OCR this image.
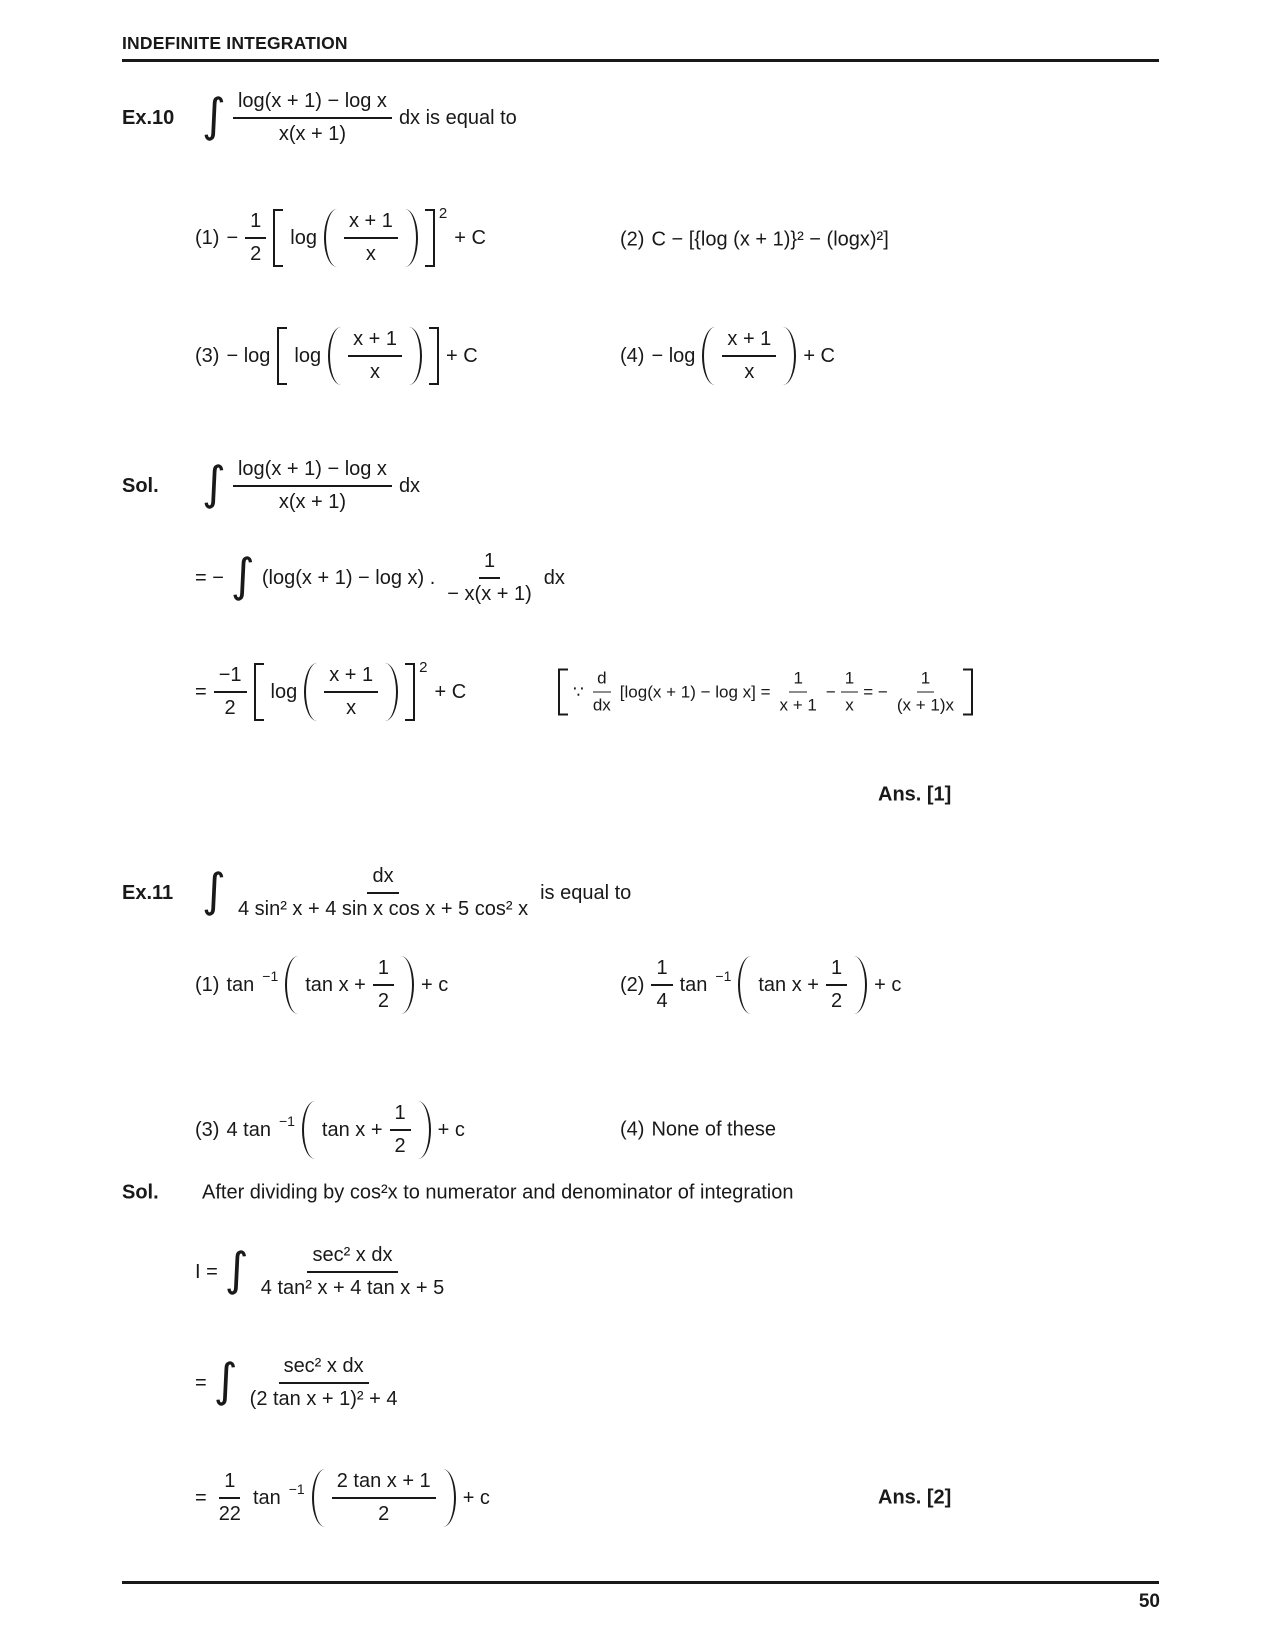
INDEFINITE INTEGRATION
Ex.10 ∫ $\frac{\text{log(x + 1) − log x}}{x(x + 1)}$ dx is equal to
$(1) - \frac{1}{2}$ $\log \frac{x + 1}{x}$	2
+ C	(2) C − [{log (x + 1)}² − (logx)²]
$(3) - \log \log \frac{x + 1}{x} + C$	$(4) - \log \frac{x + 1}{x} + C$
Sol. ∫ $\frac{\text{log(x + 1) − log x}}{x(x + 1)}$ dx
= − ∫ (log(x + 1) − log x) . $\frac{1}{- x(x + 1)}$ dx
= $\frac{-1}{2}$ $\log \frac{x + 1}{x}$	2
+ C	∵ $\frac{d}{dx} [\log(x + 1) - \log x] = \frac{1}{x + 1} - \frac{1}{x}$ = − $\frac{1}{(x + 1)x}$
Ans. [1]
Ex.11 ∫ $\frac{dx}{\text{4 sin² x + 4 sin x cos x + 5 cos² x}}$ is equal to
(1) tan −1 $\tan x + \frac{1}{2} + c$	$(2) \frac{1}{4}$ tan −1 $\tan x + \frac{1}{2} + c$
(3) 4 tan −1 $\tan x + \frac{1}{2} + c$	(4) None of these
Sol.	After dividing by cos²x to numerator and denominator of integration
I = ∫ $\frac{\text{sec² x dx}}{\text{4 tan² x + 4 tan x + 5}}$
= ∫ $\frac{\text{sec² x dx}}{\text{(2 tan x + 1)² + 4}}$
= $\frac{1}{22}$ $\tan -1 \frac{\text{2 tan x + 1}}{2} + c$	Ans. [2]
50
